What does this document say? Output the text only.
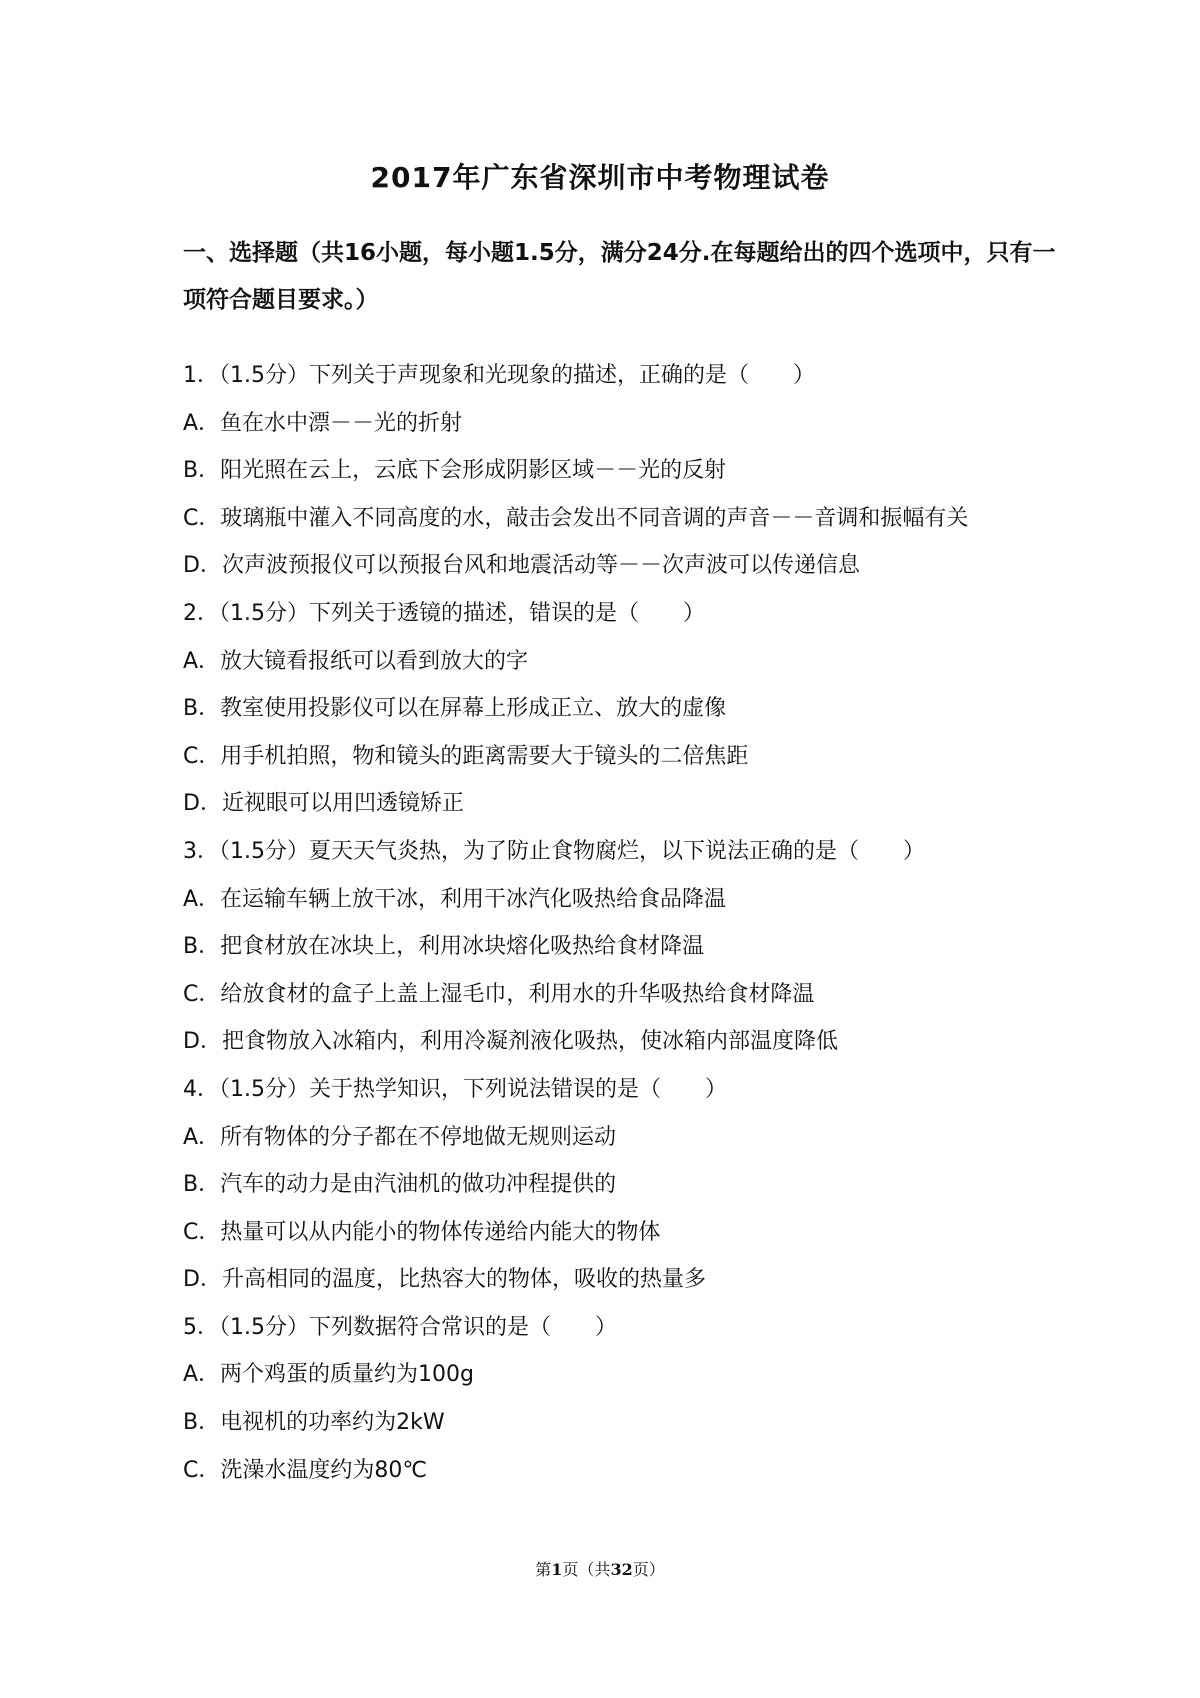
2017年广东省深圳市中考物理试卷
一、选择题（共16小题，每小题1.5分，满分24分.在每题给出的四个选项中，只有一项符合题目要求。）
1．（1.5分）下列关于声现象和光现象的描述，正确的是（　　）
A．鱼在水中漂－－光的折射
B．阳光照在云上，云底下会形成阴影区域－－光的反射
C．玻璃瓶中灌入不同高度的水，敲击会发出不同音调的声音－－音调和振幅有关
D．次声波预报仪可以预报台风和地震活动等－－次声波可以传递信息
2．（1.5分）下列关于透镜的描述，错误的是（　　）
A．放大镜看报纸可以看到放大的字
B．教室使用投影仪可以在屏幕上形成正立、放大的虚像
C．用手机拍照，物和镜头的距离需要大于镜头的二倍焦距
D．近视眼可以用凹透镜矫正
3．（1.5分）夏天天气炎热，为了防止食物腐烂，以下说法正确的是（　　）
A．在运输车辆上放干冰，利用干冰汽化吸热给食品降温
B．把食材放在冰块上，利用冰块熔化吸热给食材降温
C．给放食材的盒子上盖上湿毛巾，利用水的升华吸热给食材降温
D．把食物放入冰箱内，利用冷凝剂液化吸热，使冰箱内部温度降低
4．（1.5分）关于热学知识，下列说法错误的是（　　）
A．所有物体的分子都在不停地做无规则运动
B．汽车的动力是由汽油机的做功冲程提供的
C．热量可以从内能小的物体传递给内能大的物体
D．升高相同的温度，比热容大的物体，吸收的热量多
5．（1.5分）下列数据符合常识的是（　　）
A．两个鸡蛋的质量约为100g
B．电视机的功率约为2kW
C．洗澡水温度约为80℃
第1页（共32页）
